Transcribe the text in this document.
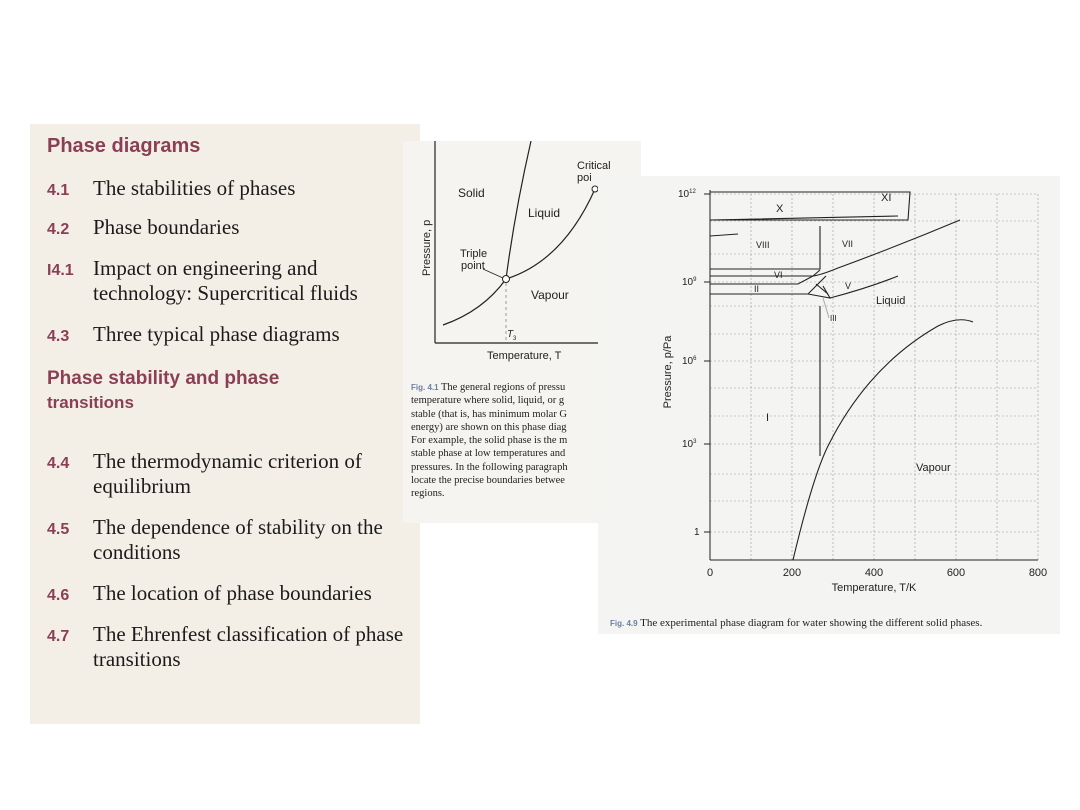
Phase diagrams
4.1 The stabilities of phases
4.2 Phase boundaries
I4.1 Impact on engineering and technology: Supercritical fluids
4.3 Three typical phase diagrams
Phase stability and phase
transitions
4.4 The thermodynamic criterion of equilibrium
4.5 The dependence of stability on the conditions
4.6 The location of phase boundaries
4.7 The Ehrenfest classification of phase transitions
Solid
Liquid
Vapour
Triple
point
Critical
poi
T 3
Temperature, T
Pressure, p
Fig. 4.1 The general regions of pressu
temperature where solid, liquid, or g
stable (that is, has minimum molar G
energy) are shown on this phase diag
For example, the solid phase is the m
stable phase at low temperatures and
pressures. In the following paragraph
locate the precise boundaries betwee
regions.
X
XI
VIII	VII
VI
II	V
III
I
Liquid
Vapour
$10^{12}$
$10^9$
$10^6$
$10^3$
1
0	200	400	600	800
Temperature, T/K
Pressure, p/Pa
Fig. 4.9 The experimental phase diagram for water showing the different solid phases.
